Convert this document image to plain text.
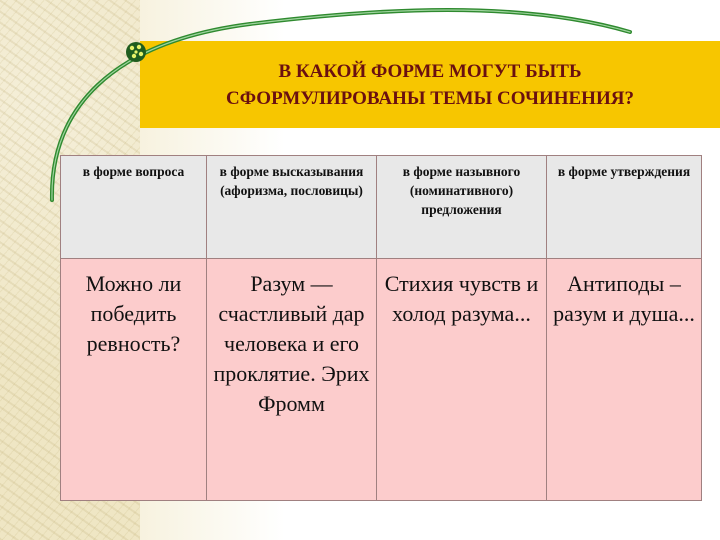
В КАКОЙ ФОРМЕ МОГУТ БЫТЬ
СФОРМУЛИРОВАНЫ ТЕМЫ СОЧИНЕНИЯ?
в форме вопроса	в форме высказывания (афоризма, пословицы)	в форме назывного (номинативного) предложения	в форме утверждения
Можно ли победить ревность?	Разум — счастливый дар человека и его проклятие. Эрих Фромм	Стихия чувств и холод разума...	Антиподы – разум и душа...
